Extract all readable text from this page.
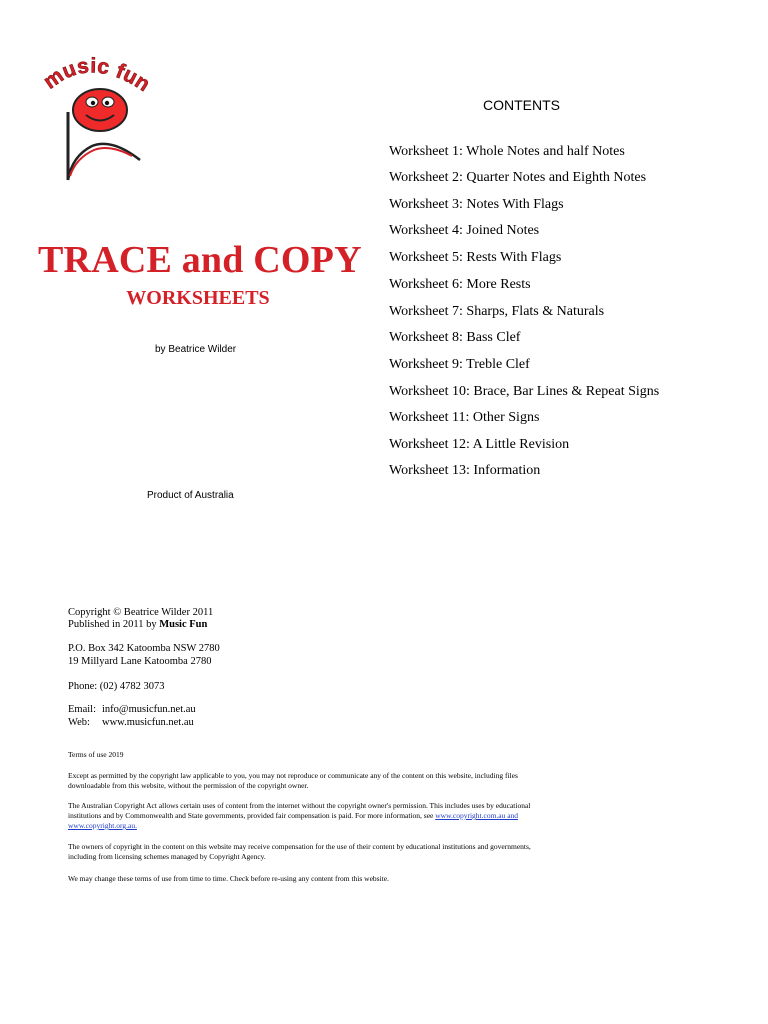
usic fu
TRACE and COPY
WORKSHEETS
by Beatrice Wilder
Product of Australia
CONTENTS
Worksheet 1: Whole Notes and half Notes
Worksheet 2: Quarter Notes and Eighth Notes
Worksheet 3: Notes With Flags
Worksheet 4: Joined Notes
Worksheet 5: Rests With Flags
Worksheet 6: More Rests
Worksheet 7: Sharps, Flats & Naturals
Worksheet 8: Bass Clef
Worksheet 9: Treble Clef
Worksheet 10: Brace, Bar Lines & Repeat Signs
Worksheet 11: Other Signs
Worksheet 12: A Little Revision
Worksheet 13: Information
Copyright © Beatrice Wilder 2011
Published in 2011 by Music Fun
P.O. Box 342 Katoomba NSW 2780
19 Millyard Lane Katoomba 2780
Phone: (02) 4782 3073
Email: info@musicfun.net.au
Web: www.musicfun.net.au

Terms of use 2019

Except as permitted by the copyright law applicable to you, you may not reproduce or communicate any of the content on this website, including files downloadable from this website, without the permission of the copyright owner.

The Australian Copyright Act allows certain uses of content from the internet without the copyright owner's permission. This includes uses by educational institutions and by Commonwealth and State governments, provided fair compensation is paid. For more information, see www.copyright.com.au and www.copyright.org.au.

The owners of copyright in the content on this website may receive compensation for the use of their content by educational institutions and governments, including from licensing schemes managed by Copyright Agency.

We may change these terms of use from time to time. Check before re-using any content from this website.
